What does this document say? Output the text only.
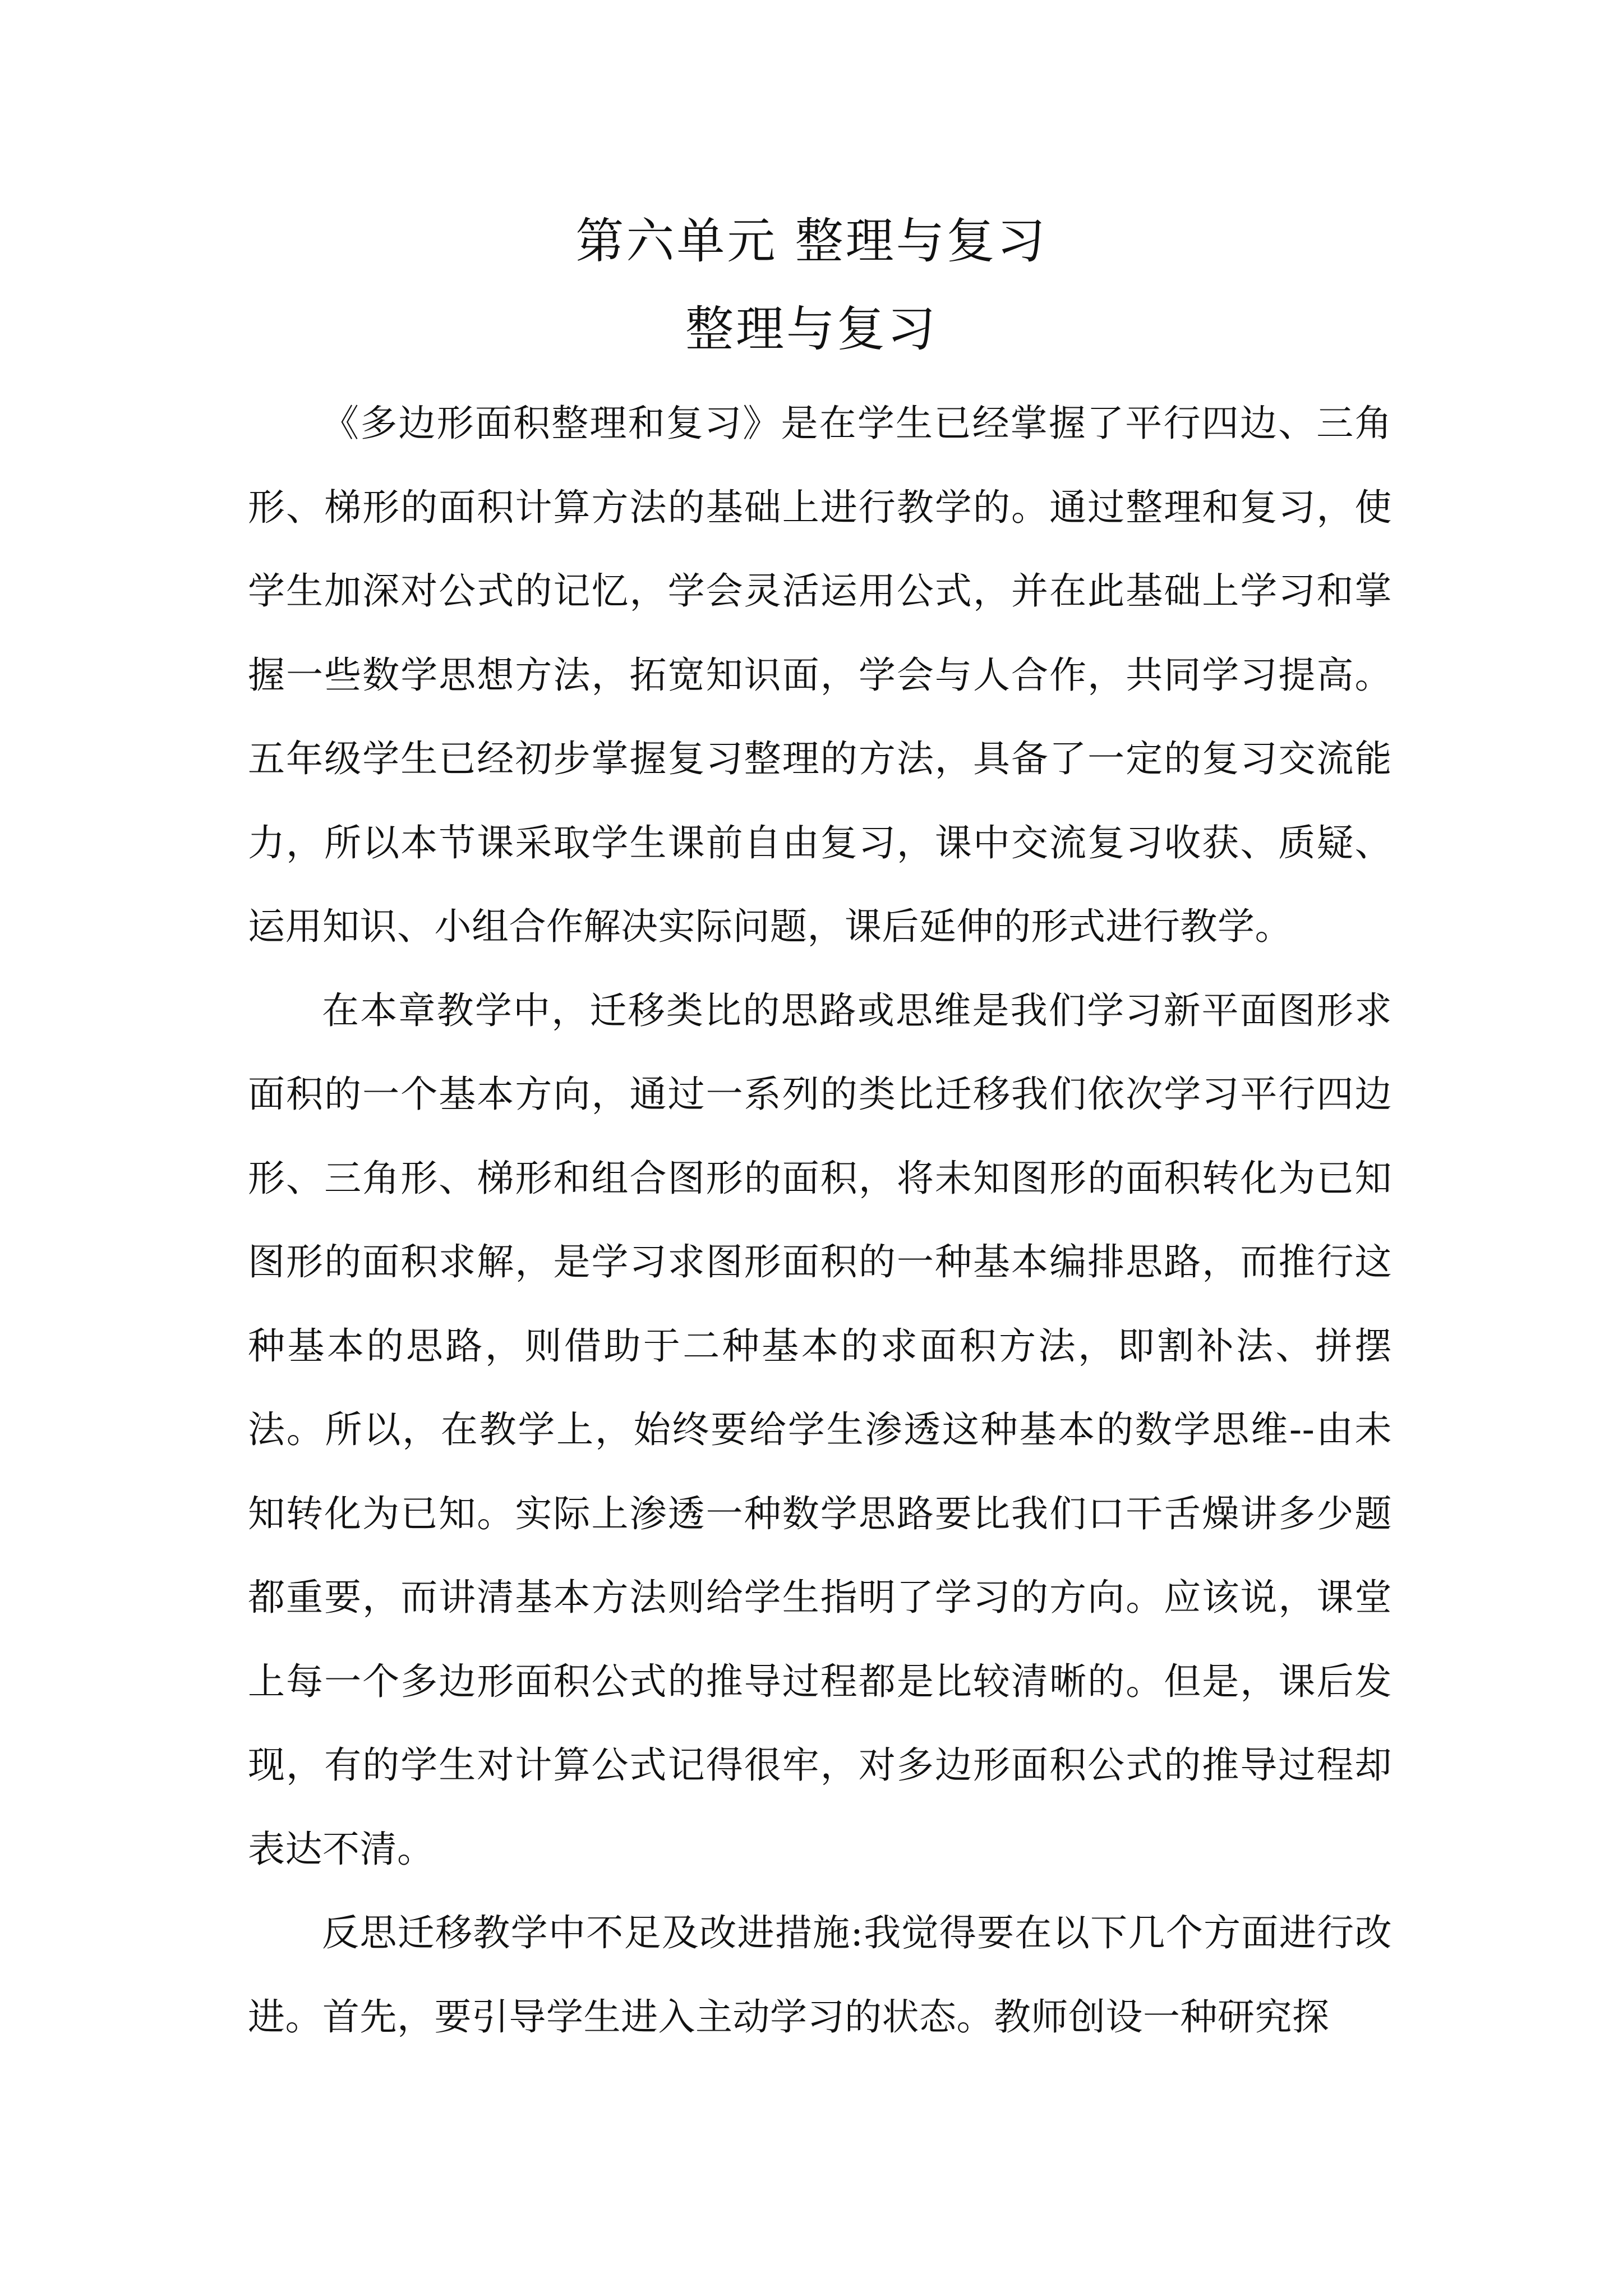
第六单元 整理与复习
整理与复习

《多边形面积整理和复习》是在学生已经掌握了平行四边、三角形、梯形的面积计算方法的基础上进行教学的。通过整理和复习，使学生加深对公式的记忆，学会灵活运用公式，并在此基础上学习和掌握一些数学思想方法，拓宽知识面，学会与人合作，共同学习提高。五年级学生已经初步掌握复习整理的方法，具备了一定的复习交流能力，所以本节课采取学生课前自由复习，课中交流复习收获、质疑、运用知识、小组合作解决实际问题，课后延伸的形式进行教学。

在本章教学中，迁移类比的思路或思维是我们学习新平面图形求面积的一个基本方向，通过一系列的类比迁移我们依次学习平行四边形、三角形、梯形和组合图形的面积，将未知图形的面积转化为已知图形的面积求解，是学习求图形面积的一种基本编排思路，而推行这种基本的思路，则借助于二种基本的求面积方法，即割补法、拼摆法。所以，在教学上，始终要给学生渗透这种基本的数学思维--由未知转化为已知。实际上渗透一种数学思路要比我们口干舌燥讲多少题都重要，而讲清基本方法则给学生指明了学习的方向。应该说，课堂上每一个多边形面积公式的推导过程都是比较清晰的。但是，课后发现，有的学生对计算公式记得很牢，对多边形面积公式的推导过程却表达不清。

反思迁移教学中不足及改进措施:我觉得要在以下几个方面进行改进。首先，要引导学生进入主动学习的状态。教师创设一种研究探
